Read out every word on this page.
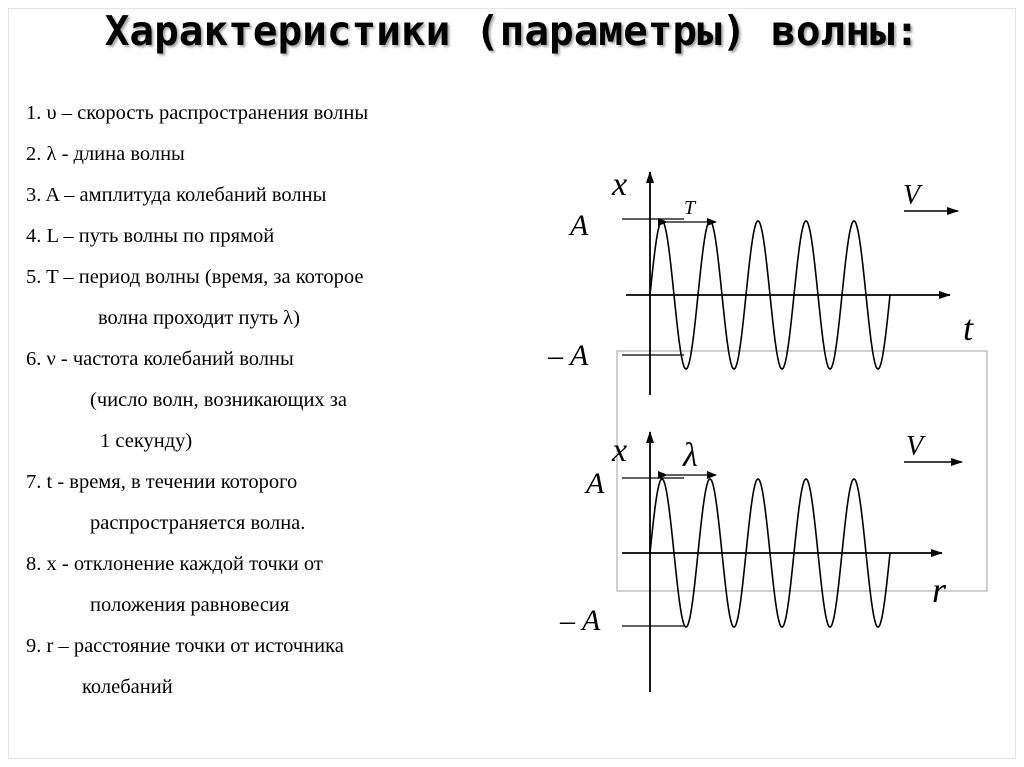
Характеристики (параметры) волны:
1. υ – скорость распространения волны
2. λ - длина волны
3. A – амплитуда колебаний волны
4. L – путь волны по прямой
5. T – период волны (время, за которое
волна проходит путь λ)
6. ν - частота колебаний волны
(число волн, возникающих за
1 секунду)
7. t - время, в течении которого
распространяется волна.
8. x - отклонение каждой точки от
положения равновесия
9. r – расстояние точки от источника
колебаний
x
A
– A
T	V
t
x
A
– A
λ	V
r
